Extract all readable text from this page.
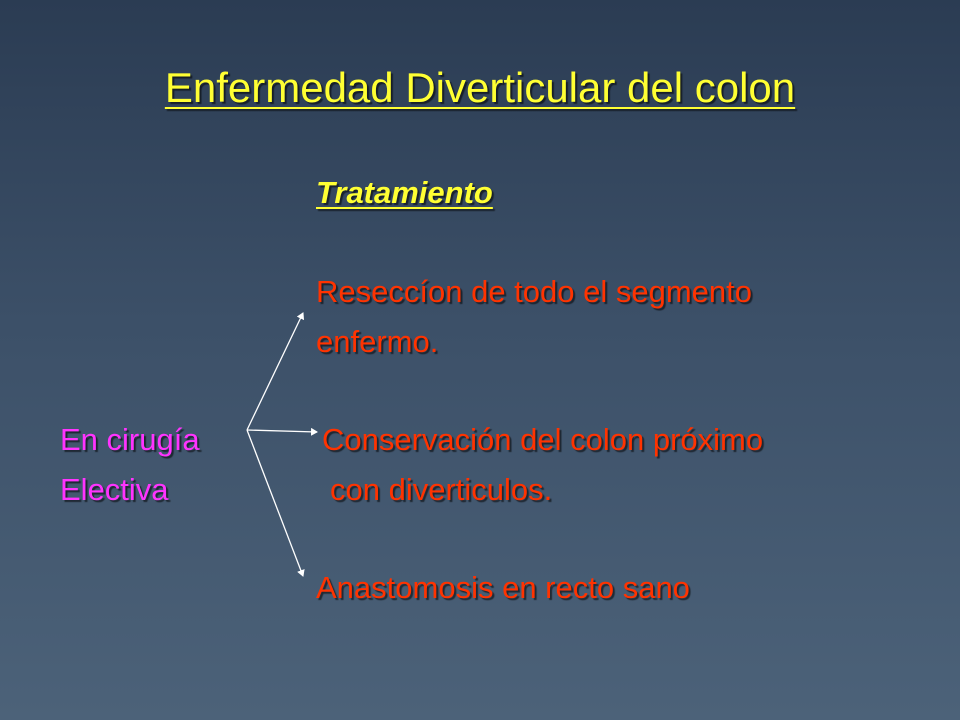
Enfermedad Diverticular del colon
Tratamiento
Reseccíon de todo el segmento
enfermo.
En cirugía
Electiva
Conservación del colon próximo
con diverticulos.
Anastomosis en recto sano
